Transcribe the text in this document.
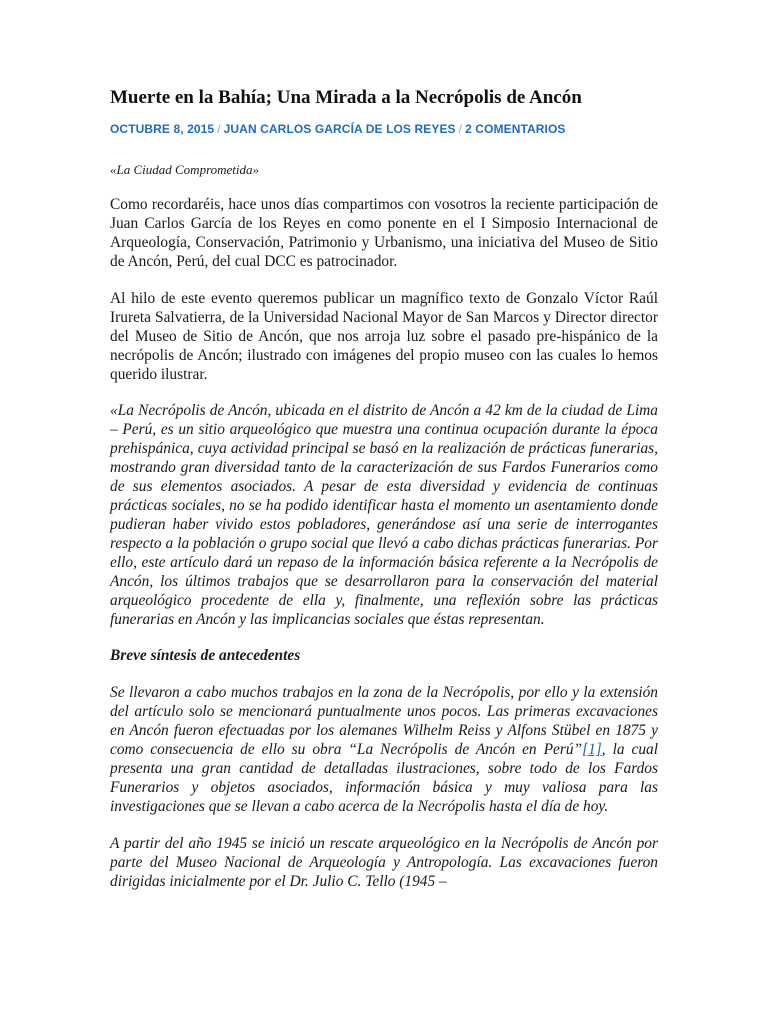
Muerte en la Bahía; Una Mirada a la Necrópolis de Ancón
OCTUBRE 8, 2015 / JUAN CARLOS GARCÍA DE LOS REYES / 2 COMENTARIOS

«La Ciudad Comprometida»

Como recordaréis, hace unos días compartimos con vosotros la reciente participación de Juan Carlos García de los Reyes en como ponente en el I Simposio Internacional de Arqueología, Conservación, Patrimonio y Urbanismo, una iniciativa del Museo de Sitio de Ancón, Perú, del cual DCC es patrocinador.

Al hilo de este evento queremos publicar un magnífico texto de Gonzalo Víctor Raúl Irureta Salvatierra, de la Universidad Nacional Mayor de San Marcos y Director director del Museo de Sitio de Ancón, que nos arroja luz sobre el pasado pre-hispánico de la necrópolis de Ancón; ilustrado con imágenes del propio museo con las cuales lo hemos querido ilustrar.

«La Necrópolis de Ancón, ubicada en el distrito de Ancón a 42 km de la ciudad de Lima – Perú, es un sitio arqueológico que muestra una continua ocupación durante la época prehispánica, cuya actividad principal se basó en la realización de prácticas funerarias, mostrando gran diversidad tanto de la caracterización de sus Fardos Funerarios como de sus elementos asociados. A pesar de esta diversidad y evidencia de continuas prácticas sociales, no se ha podido identificar hasta el momento un asentamiento donde pudieran haber vivido estos pobladores, generándose así una serie de interrogantes respecto a la población o grupo social que llevó a cabo dichas prácticas funerarias. Por ello, este artículo dará un repaso de la información básica referente a la Necrópolis de Ancón, los últimos trabajos que se desarrollaron para la conservación del material arqueológico procedente de ella y, finalmente, una reflexión sobre las prácticas funerarias en Ancón y las implicancias sociales que éstas representan.

Breve síntesis de antecedentes

Se llevaron a cabo muchos trabajos en la zona de la Necrópolis, por ello y la extensión del artículo solo se mencionará puntualmente unos pocos. Las primeras excavaciones en Ancón fueron efectuadas por los alemanes Wilhelm Reiss y Alfons Stübel en 1875 y como consecuencia de ello su obra “La Necrópolis de Ancón en Perú”[1], la cual presenta una gran cantidad de detalladas ilustraciones, sobre todo de los Fardos Funerarios y objetos asociados, información básica y muy valiosa para las investigaciones que se llevan a cabo acerca de la Necrópolis hasta el día de hoy.

A partir del año 1945 se inició un rescate arqueológico en la Necrópolis de Ancón por parte del Museo Nacional de Arqueología y Antropología. Las excavaciones fueron dirigidas inicialmente por el Dr. Julio C. Tello (1945 –
